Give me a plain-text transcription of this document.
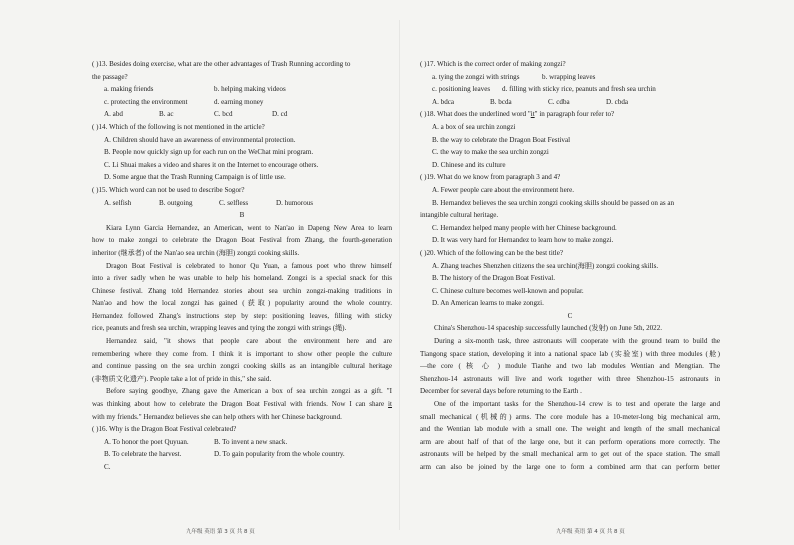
( )13. Besides doing exercise, what are the other advantages of Trash Running according to
the passage?
a. making friends	b. helping making videos
c. protecting the environment	d. earning money
A. abd	B. ac	C. bcd	D. cd
( )14. Which of the following is not mentioned in the article?
A. Children should have an awareness of environmental protection.
B. People now quickly sign up for each run on the WeChat mini program.
C. Li Shuai makes a video and shares it on the Internet to encourage others.
D. Some argue that the Trash Running Campaign is of little use.
( )15. Which word can not be used to describe Sogor?
A. selfish	B. outgoing	C. selfless	D. humorous
B
Kiara Lynn Garcia Hernandez, an American, went to Nan'ao in Dapeng New Area to learn
how to make zongzi to celebrate the Dragon Boat Festival from Zhang, the fourth-generation
inheritor (继承者) of the Nan'ao sea urchin (海胆) zongzi cooking skills.
Dragon Boat Festival is celebrated to honor Qu Yuan, a famous poet who threw himself
into a river sadly when he was unable to help his homeland. Zongzi is a special snack for this
Chinese festival. Zhang told Hernandez stories about sea urchin zongzi-making traditions in
Nan'ao and how the local zongzi has gained (获取) popularity around the whole country.
Hernandez followed Zhang's instructions step by step: positioning leaves, filling with sticky
rice, peanuts and fresh sea urchin, wrapping leaves and tying the zongzi with strings (绳).
Hernandez said, "it shows that people care about the environment here and are
remembering where they come from. I think it is important to show other people the culture
and continue passing on the sea urchin zongzi cooking skills as an intangible cultural heritage
(非物质文化遗产). People take a lot of pride in this," she said.
Before saying goodbye, Zhang gave the American a box of sea urchin zongzi as a gift. "I
was thinking about how to celebrate the Dragon Boat Festival with friends. Now I can share it
with my friends." Hernandez believes she can help others with her Chinese background.
( )16. Why is the Dragon Boat Festival celebrated?
A. To honor the poet Quyuan.	B. To invent a new snack.
B. To celebrate the harvest.	D. To gain popularity from the whole country.
C.
( )17. Which is the correct order of making zongzi?
a. tying the zongzi with strings	b. wrapping leaves
c. positioning leaves	d. filling with sticky rice, peanuts and fresh sea urchin
A. bdca	B. bcda	C. cdba	D. cbda
( )18. What does the underlined word "it" in paragraph four refer to?
A. a box of sea urchin zongzi
B. the way to celebrate the Dragon Boat Festival
C. the way to make the sea urchin zongzi
D. Chinese and its culture
( )19. What do we know from paragraph 3 and 4?
A. Fewer people care about the environment here.
B. Hernandez believes the sea urchin zongzi cooking skills should be passed on as an
intangible cultural heritage.
C. Hernandez helped many people with her Chinese background.
D. It was very hard for Hernandez to learn how to make zongzi.
( )20. Which of the following can be the best title?
A. Zhang teaches Shenzhen citizens the sea urchin(海胆) zongzi cooking skills.
B. The history of the Dragon Boat Festival.
C. Chinese culture becomes well-known and popular.
D. An American learns to make zongzi.
C
China's Shenzhou-14 spaceship successfully launched (发射) on June 5th, 2022.
During a six-month task, three astronauts will cooperate with the ground team to build the
Tiangong space station, developing it into a national space lab (实验室) with three modules (舱)
—the core ( 核 心 ) module Tianhe and two lab modules Wentian and Mengtian. The
Shenzhou-14 astronauts will live and work together with three Shenzhou-15 astronauts in
December for several days before returning to the Earth .
One of the important tasks for the Shenzhou-14 crew is to test and operate the large and
small mechanical (机械的) arms. The core module has a 10-meter-long big mechanical arm,
and the Wentian lab module with a small one. The weight and length of the small mechanical
arm are about half of that of the large one, but it can perform operations more correctly. The
astronauts will be helped by the small mechanical arm to get out of the space station. The small
arm can also be joined by the large one to form a combined arm that can perform better
九年级 英语 第 3 页 共 8 页	九年级 英语 第 4 页 共 8 页
